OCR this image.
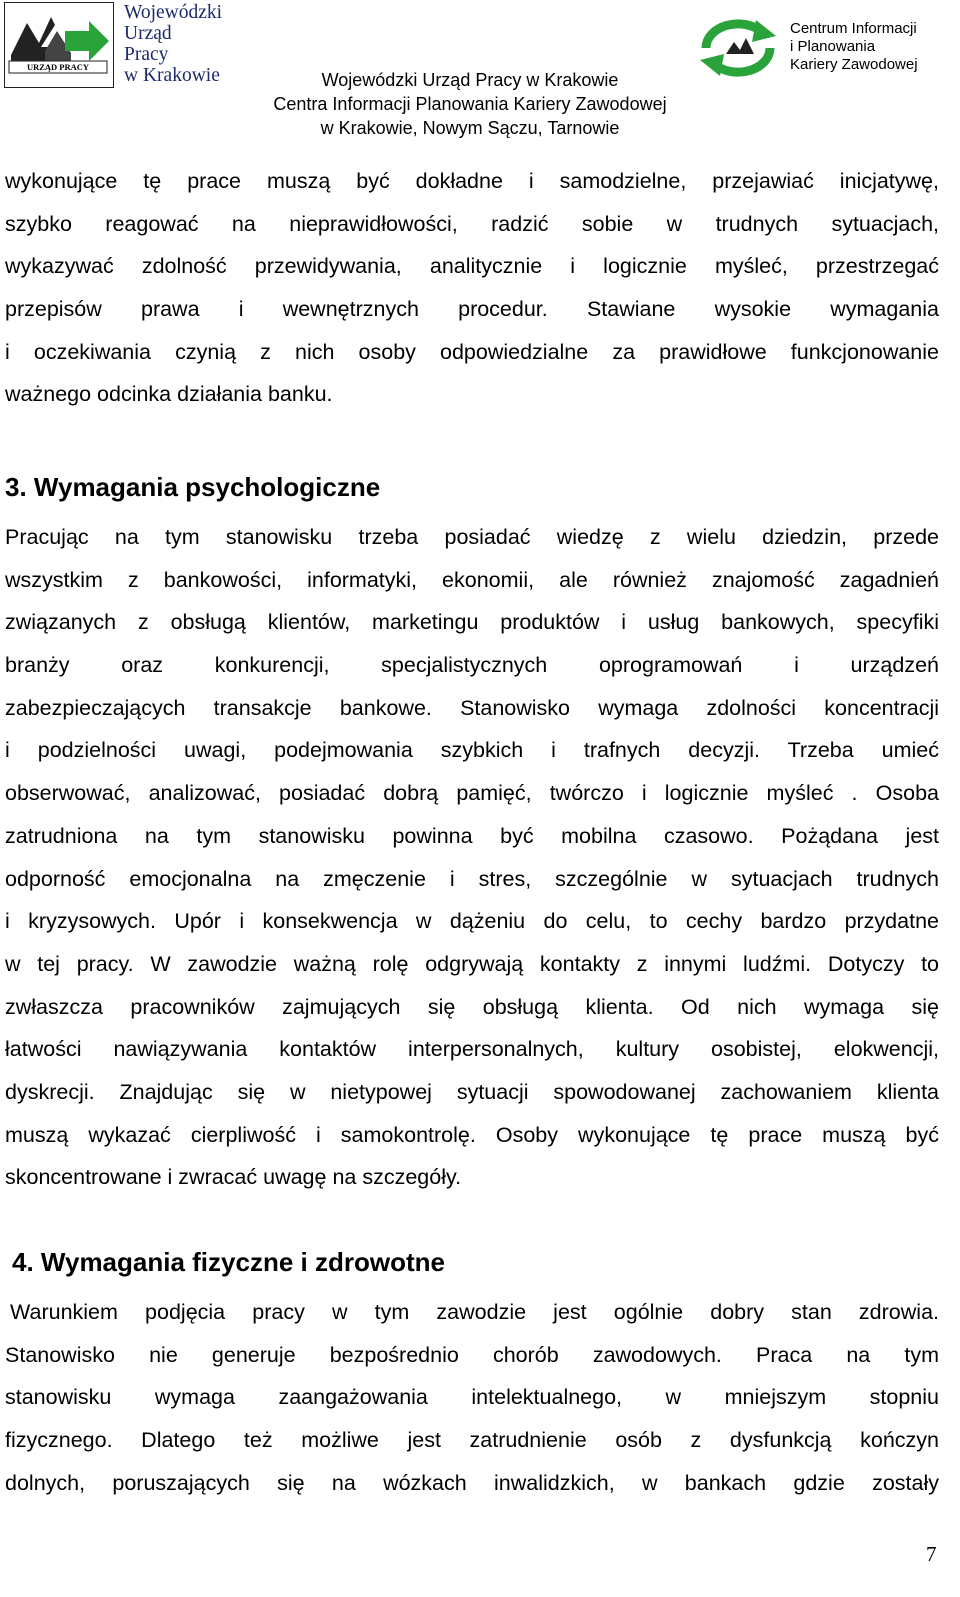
URZĄD PRACY
Wojewódzki
Urząd
Pracy
w Krakowie	Wojewódzki Urząd Pracy w Krakowie
Centra Informacji Planowania Kariery Zawodowej
w Krakowie, Nowym Sączu, Tarnowie
Centrum Informacji
i Planowania
Kariery Zawodowej
wykonujące tę prace muszą być dokładne i samodzielne, przejawiać inicjatywę,
szybko reagować na nieprawidłowości, radzić sobie w trudnych sytuacjach,
wykazywać zdolność przewidywania, analitycznie i logicznie myśleć, przestrzegać
przepisów prawa i wewnętrznych procedur. Stawiane wysokie wymagania
i oczekiwania czynią z nich osoby odpowiedzialne za prawidłowe funkcjonowanie
ważnego odcinka działania banku.
3. Wymagania psychologiczne
Pracując na tym stanowisku trzeba posiadać wiedzę z wielu dziedzin, przede
wszystkim z bankowości, informatyki, ekonomii, ale również znajomość zagadnień
związanych z obsługą klientów, marketingu produktów i usług bankowych, specyfiki
branży oraz konkurencji, specjalistycznych oprogramowań i urządzeń
zabezpieczających transakcje bankowe. Stanowisko wymaga zdolności koncentracji
i podzielności uwagi, podejmowania szybkich i trafnych decyzji. Trzeba umieć
obserwować, analizować, posiadać dobrą pamięć, twórczo i logicznie myśleć . Osoba
zatrudniona na tym stanowisku powinna być mobilna czasowo. Pożądana jest
odporność emocjonalna na zmęczenie i stres, szczególnie w sytuacjach trudnych
i kryzysowych. Upór i konsekwencja w dążeniu do celu, to cechy bardzo przydatne
w tej pracy. W zawodzie ważną rolę odgrywają kontakty z innymi ludźmi. Dotyczy to
zwłaszcza pracowników zajmujących się obsługą klienta. Od nich wymaga się
łatwości nawiązywania kontaktów interpersonalnych, kultury osobistej, elokwencji,
dyskrecji. Znajdując się w nietypowej sytuacji spowodowanej zachowaniem klienta
muszą wykazać cierpliwość i samokontrolę. Osoby wykonujące tę prace muszą być
skoncentrowane i zwracać uwagę na szczegóły.
4. Wymagania fizyczne i zdrowotne
Warunkiem podjęcia pracy w tym zawodzie jest ogólnie dobry stan zdrowia.
Stanowisko nie generuje bezpośrednio chorób zawodowych. Praca na tym
stanowisku wymaga zaangażowania intelektualnego, w mniejszym stopniu
fizycznego. Dlatego też możliwe jest zatrudnienie osób z dysfunkcją kończyn
dolnych, poruszających się na wózkach inwalidzkich, w bankach gdzie zostały
7
